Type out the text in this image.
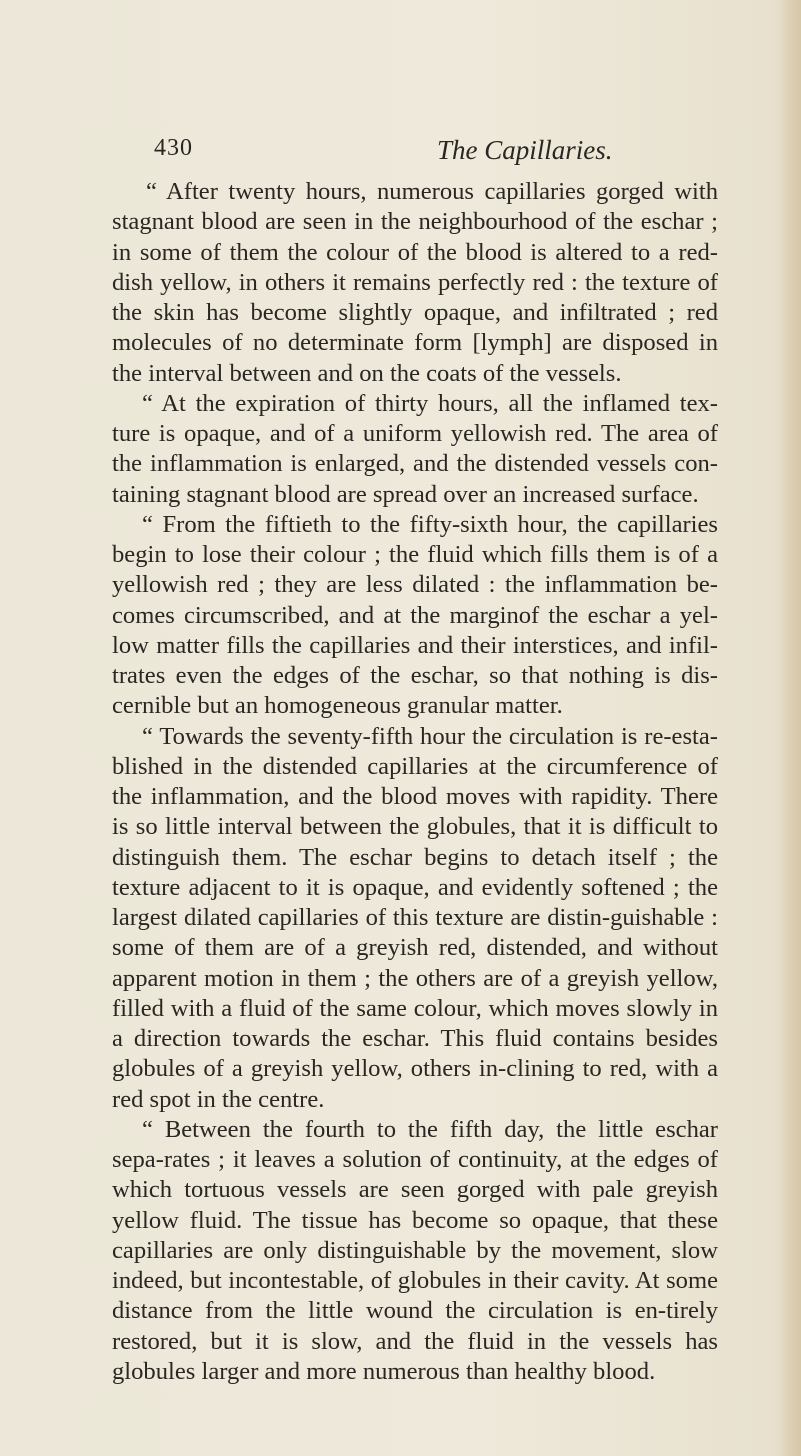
430	The Capillaries.

“ After twenty hours, numerous capillaries gorged with stagnant blood are seen in the neighbourhood of the eschar ; in some of them the colour of the blood is altered to a red-dish yellow, in others it remains perfectly red : the texture of the skin has become slightly opaque, and infiltrated ; red molecules of no determinate form [lymph] are disposed in the interval between and on the coats of the vessels.

“ At the expiration of thirty hours, all the inflamed tex-ture is opaque, and of a uniform yellowish red. The area of the inflammation is enlarged, and the distended vessels con-taining stagnant blood are spread over an increased surface.

“ From the fiftieth to the fifty-sixth hour, the capillaries begin to lose their colour ; the fluid which fills them is of a yellowish red ; they are less dilated : the inflammation be-comes circumscribed, and at the marginof the eschar a yel-low matter fills the capillaries and their interstices, and infil-trates even the edges of the eschar, so that nothing is dis-cernible but an homogeneous granular matter.

“ Towards the seventy-fifth hour the circulation is re-esta-blished in the distended capillaries at the circumference of the inflammation, and the blood moves with rapidity. There is so little interval between the globules, that it is difficult to distinguish them. The eschar begins to detach itself ; the texture adjacent to it is opaque, and evidently softened ; the largest dilated capillaries of this texture are distin-guishable : some of them are of a greyish red, distended, and without apparent motion in them ; the others are of a greyish yellow, filled with a fluid of the same colour, which moves slowly in a direction towards the eschar. This fluid contains besides globules of a greyish yellow, others in-clining to red, with a red spot in the centre.

“ Between the fourth to the fifth day, the little eschar sepa-rates ; it leaves a solution of continuity, at the edges of which tortuous vessels are seen gorged with pale greyish yellow fluid. The tissue has become so opaque, that these capillaries are only distinguishable by the movement, slow indeed, but incontestable, of globules in their cavity. At some distance from the little wound the circulation is en-tirely restored, but it is slow, and the fluid in the vessels has globules larger and more numerous than healthy blood.
